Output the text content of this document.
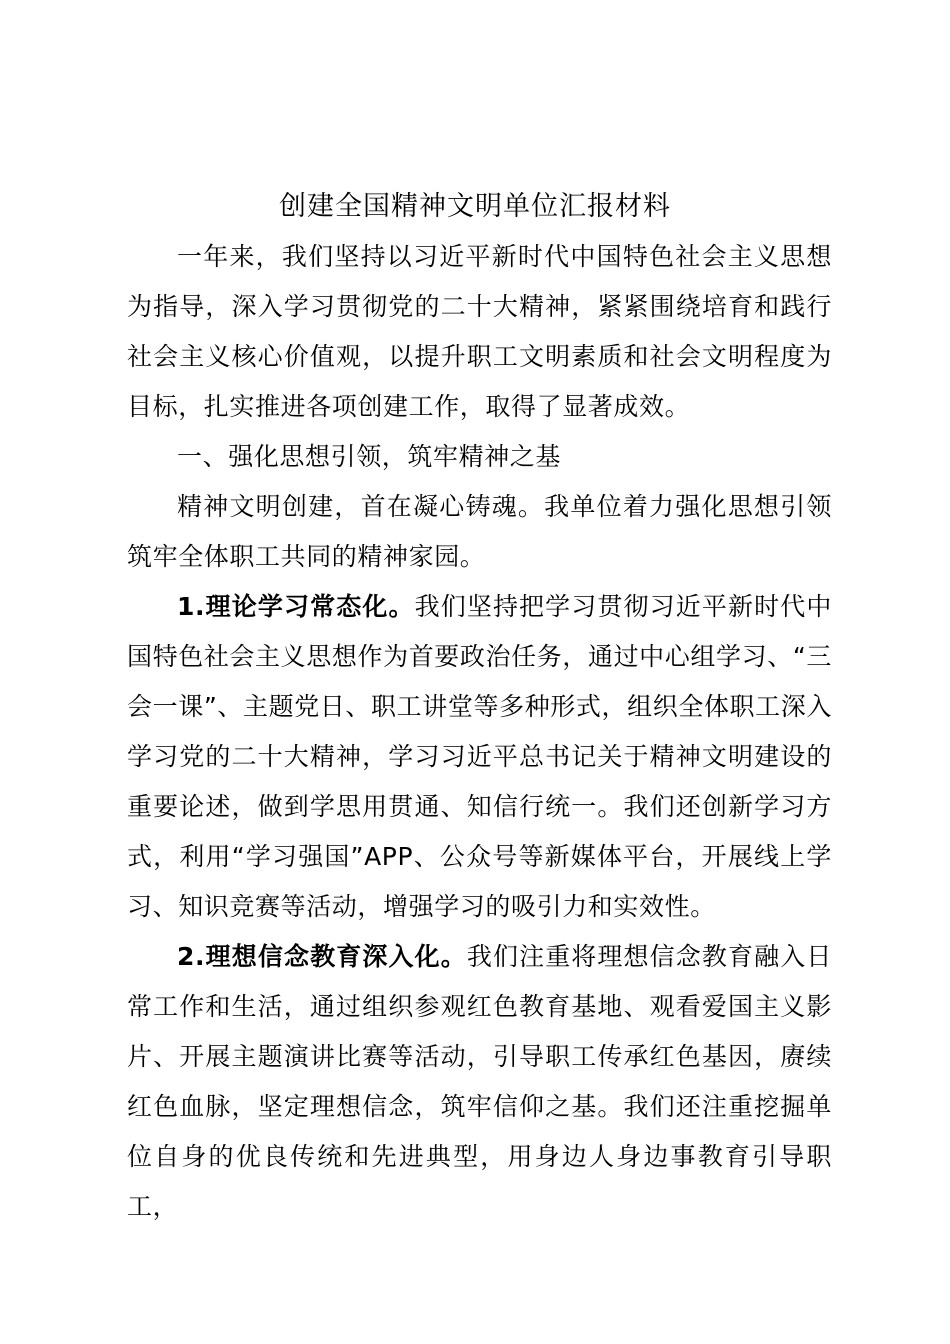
创建全国精神文明单位汇报材料

一年来，我们坚持以习近平新时代中国特色社会主义思想为指导，深入学习贯彻党的二十大精神，紧紧围绕培育和践行社会主义核心价值观，以提升职工文明素质和社会文明程度为目标，扎实推进各项创建工作，取得了显著成效。

一、强化思想引领，筑牢精神之基

精神文明创建，首在凝心铸魂。我单位着力强化思想引领筑牢全体职工共同的精神家园。

1.理论学习常态化。我们坚持把学习贯彻习近平新时代中国特色社会主义思想作为首要政治任务，通过中心组学习、“三会一课”、主题党日、职工讲堂等多种形式，组织全体职工深入学习党的二十大精神，学习习近平总书记关于精神文明建设的重要论述，做到学思用贯通、知信行统一。我们还创新学习方式，利用“学习强国”APP、公众号等新媒体平台，开展线上学习、知识竞赛等活动，增强学习的吸引力和实效性。

2.理想信念教育深入化。我们注重将理想信念教育融入日常工作和生活，通过组织参观红色教育基地、观看爱国主义影片、开展主题演讲比赛等活动，引导职工传承红色基因，赓续红色血脉，坚定理想信念，筑牢信仰之基。我们还注重挖掘单位自身的优良传统和先进典型，用身边人身边事教育引导职工，
